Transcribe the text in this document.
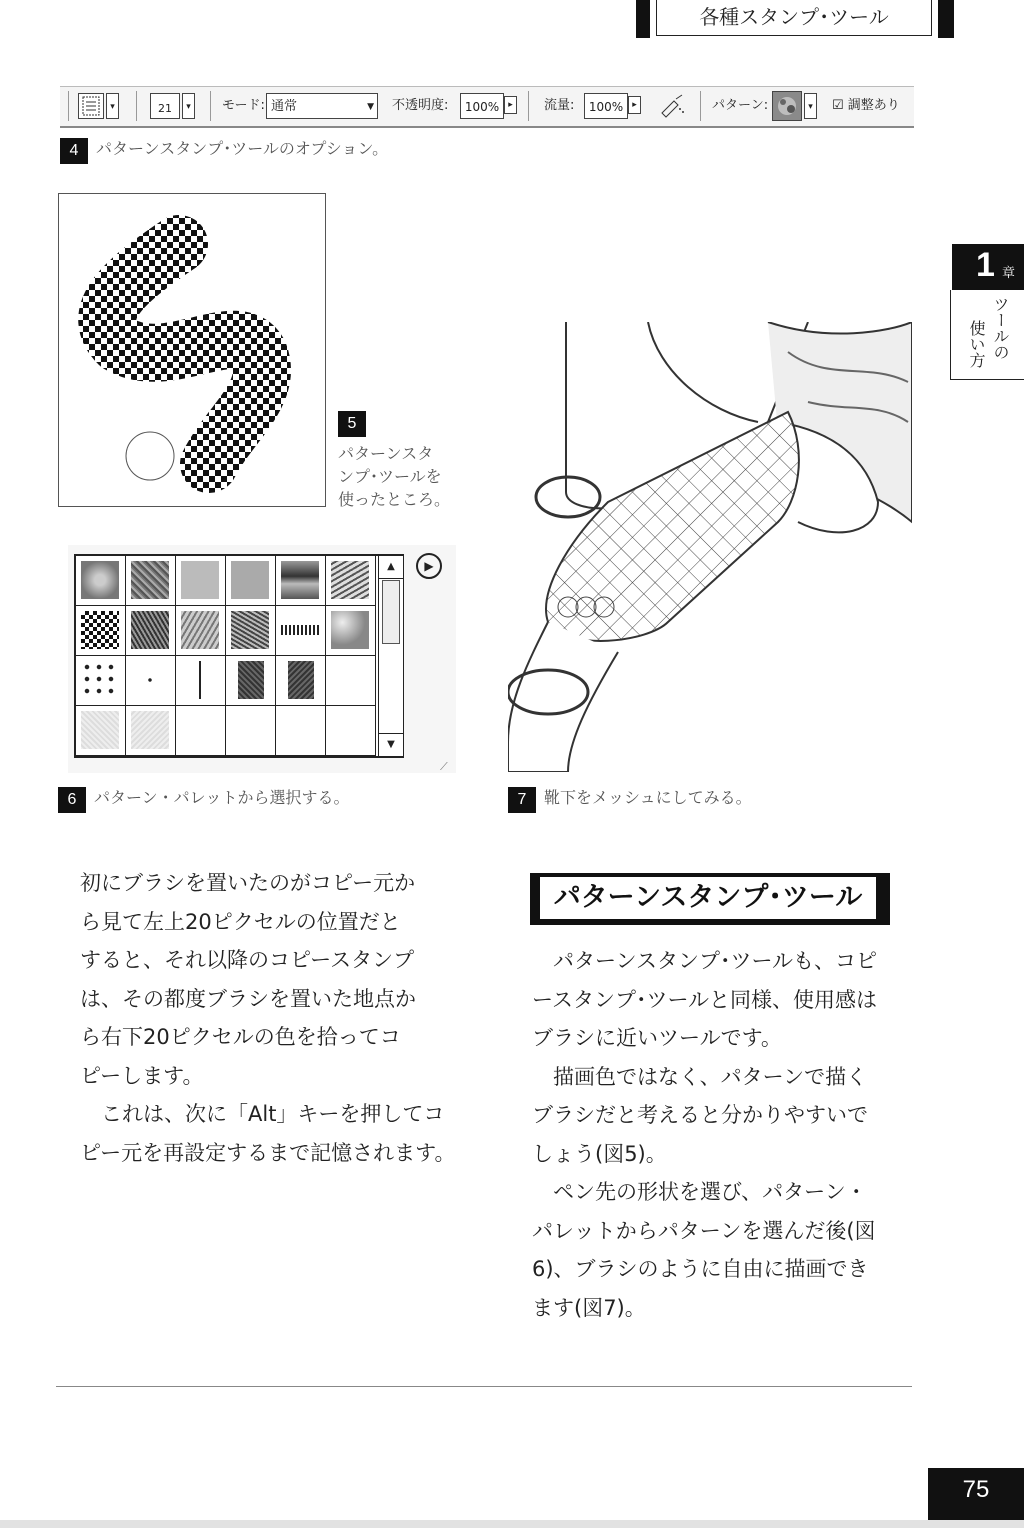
各種スタンプ･ツール
1 章
ツールの
使い方
▾	21	▾	モード: 通常	▼ 不透明度:	100%	▸	流量:	100%	▸	パターン:	▾	☑ 調整あり
4	パターンスタンプ･ツールのオプション。
5
パターンスタ
ンプ･ツールを
使ったところ。
▲
▼
▶
⟋
6	パターン・パレットから選択する。	7	靴下をメッシュにしてみる。
初にブラシを置いたのがコピー元か
ら見て左上20ピクセルの位置だと
すると、それ以降のコピースタンプ
は、その都度ブラシを置いた地点か
ら右下20ピクセルの色を拾ってコ
ピーします。
　これは、次に「Alt」キーを押してコ
ピー元を再設定するまで記憶されます。
パターンスタンプ･ツール
　パターンスタンプ･ツールも、コピ
ースタンプ･ツールと同様、使用感は
ブラシに近いツールです。
　描画色ではなく、パターンで描く
ブラシだと考えると分かりやすいで
しょう(図5)。
　ペン先の形状を選び、パターン・
パレットからパターンを選んだ後(図
6)、ブラシのように自由に描画でき
ます(図7)。
75
